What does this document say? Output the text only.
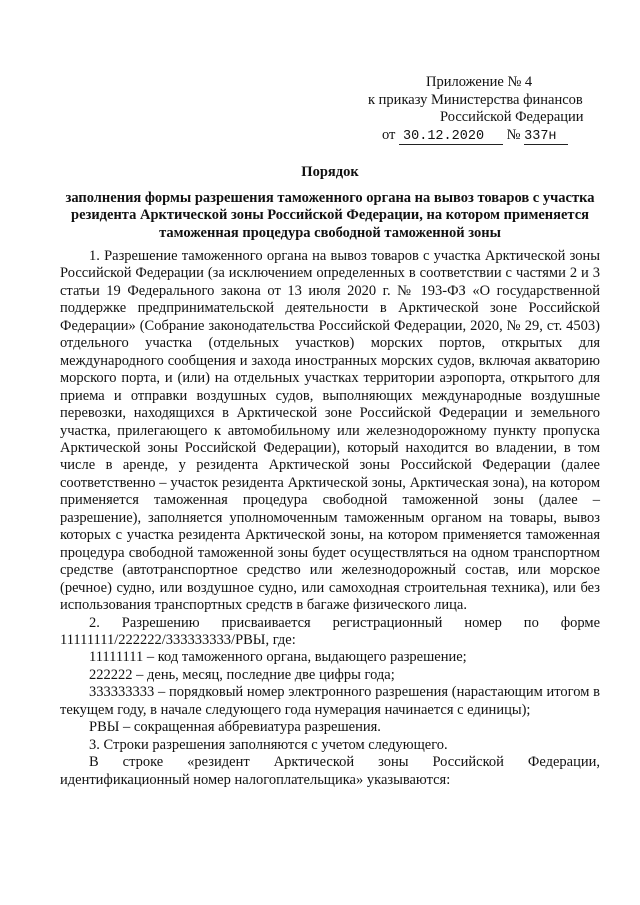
Приложение № 4
к приказу Министерства финансов
Российской Федерации
от 30.12.2020 № 337н
Порядок
заполнения формы разрешения таможенного органа на вывоз товаров с участка резидента Арктической зоны Российской Федерации, на котором применяется таможенная процедура свободной таможенной зоны

1. Разрешение таможенного органа на вывоз товаров с участка Арктической зоны Российской Федерации (за исключением определенных в соответствии с частями 2 и 3 статьи 19 Федерального закона от 13 июля 2020 г. № 193-ФЗ «О государственной поддержке предпринимательской деятельности в Арктической зоне Российской Федерации» (Собрание законодательства Российской Федерации, 2020, № 29, ст. 4503) отдельного участка (отдельных участков) морских портов, открытых для международного сообщения и захода иностранных морских судов, включая акваторию морского порта, и (или) на отдельных участках территории аэропорта, открытого для приема и отправки воздушных судов, выполняющих международные воздушные перевозки, находящихся в Арктической зоне Российской Федерации и земельного участка, прилегающего к автомобильному или железнодорожному пункту пропуска Арктической зоны Российской Федерации), который находится во владении, в том числе в аренде, у резидента Арктической зоны Российской Федерации (далее соответственно – участок резидента Арктической зоны, Арктическая зона), на котором применяется таможенная процедура свободной таможенной зоны (далее – разрешение), заполняется уполномоченным таможенным органом на товары, вывоз которых с участка резидента Арктической зоны, на котором применяется таможенная процедура свободной таможенной зоны будет осуществляться на одном транспортном средстве (автотранспортное средство или железнодорожный состав, или морское (речное) судно, или воздушное судно, или самоходная строительная техника), или без использования транспортных средств в багаже физического лица.

2. Разрешению присваивается регистрационный номер по форме 11111111/222222/333333333/РВЫ, где:

11111111 – код таможенного органа, выдающего разрешение;

222222 – день, месяц, последние две цифры года;

333333333 – порядковый номер электронного разрешения (нарастающим итогом в текущем году, в начале следующего года нумерация начинается с единицы);

РВЫ – сокращенная аббревиатура разрешения.

3. Строки разрешения заполняются с учетом следующего.

В строке «резидент Арктической зоны Российской Федерации, идентификационный номер налогоплательщика» указываются:
